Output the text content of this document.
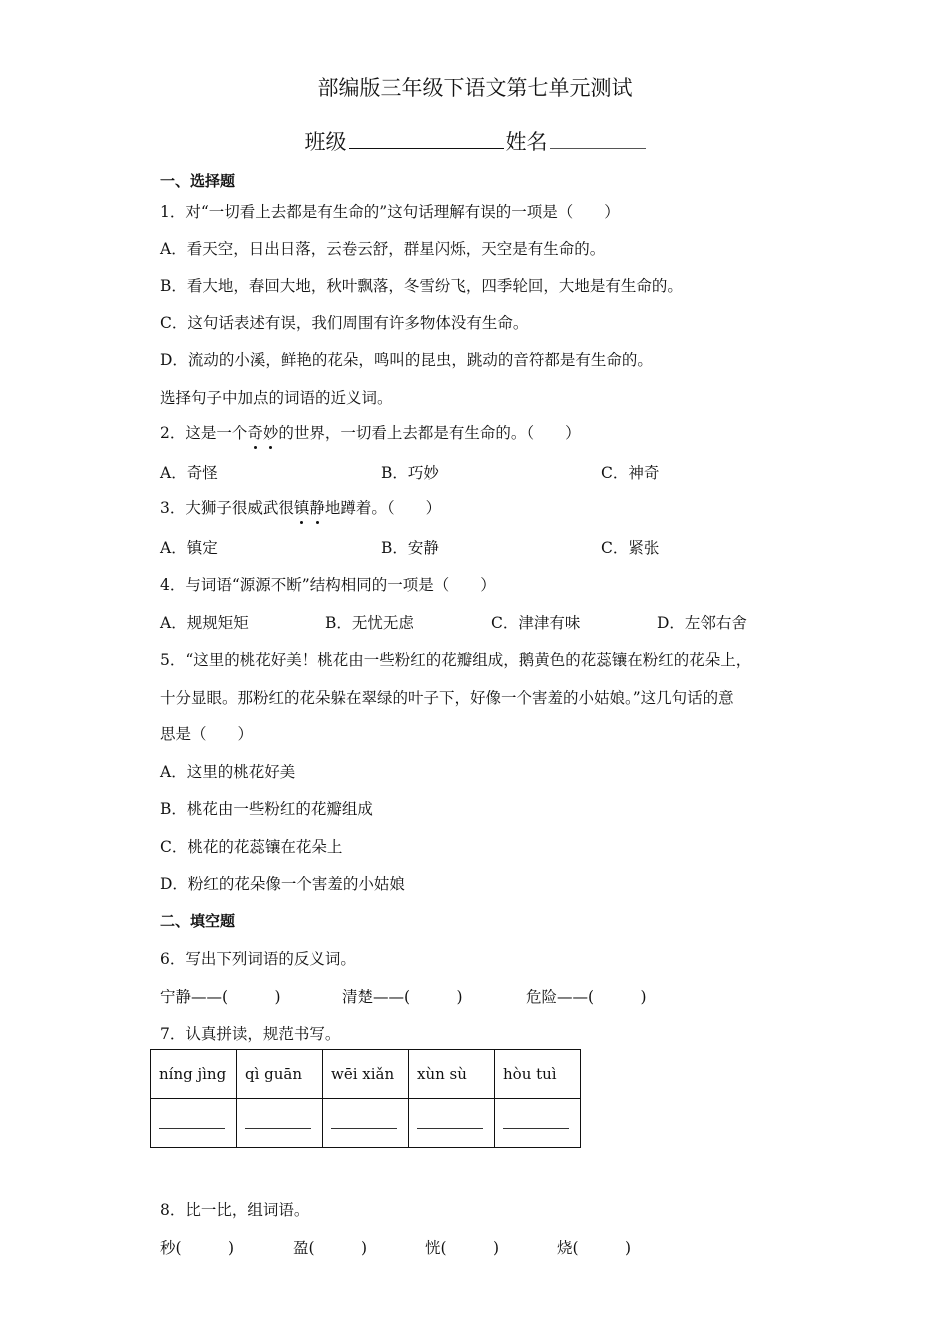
部编版三年级下语文第七单元测试
班级	姓名
一、选择题
1．对“一切看上去都是有生命的”这句话理解有误的一项是（　　）
A．看天空，日出日落，云卷云舒，群星闪烁，天空是有生命的。
B．看大地，春回大地，秋叶飘落，冬雪纷飞，四季轮回，大地是有生命的。
C．这句话表述有误，我们周围有许多物体没有生命。
D．流动的小溪，鲜艳的花朵，鸣叫的昆虫，跳动的音符都是有生命的。
选择句子中加点的词语的近义词。
2．这是一个奇妙的世界，一切看上去都是有生命的。（　　）
A．奇怪	B．巧妙	C．神奇
3．大狮子很威武很镇静地蹲着。（　　）
A．镇定	B．安静	C．紧张
4．与词语“源源不断”结构相同的一项是（　　）
A．规规矩矩	B．无忧无虑	C．津津有味	D．左邻右舍
5．“这里的桃花好美！桃花由一些粉红的花瓣组成，鹅黄色的花蕊镶在粉红的花朵上，
十分显眼。那粉红的花朵躲在翠绿的叶子下，好像一个害羞的小姑娘。”这几句话的意
思是（　　）
A．这里的桃花好美
B．桃花由一些粉红的花瓣组成
C．桃花的花蕊镶在花朵上
D．粉红的花朵像一个害羞的小姑娘
二、填空题
6．写出下列词语的反义词。
宁静——(　　　)	清楚——(　　　)	危险——(　　　)
7．认真拼读，规范书写。
níng jìng	qì guān	wēi xiǎn	xùn sù	hòu tuì

8．比一比，组词语。
秒(　　　)	盈(　　　)	恍(　　　)	烧(　　　)
